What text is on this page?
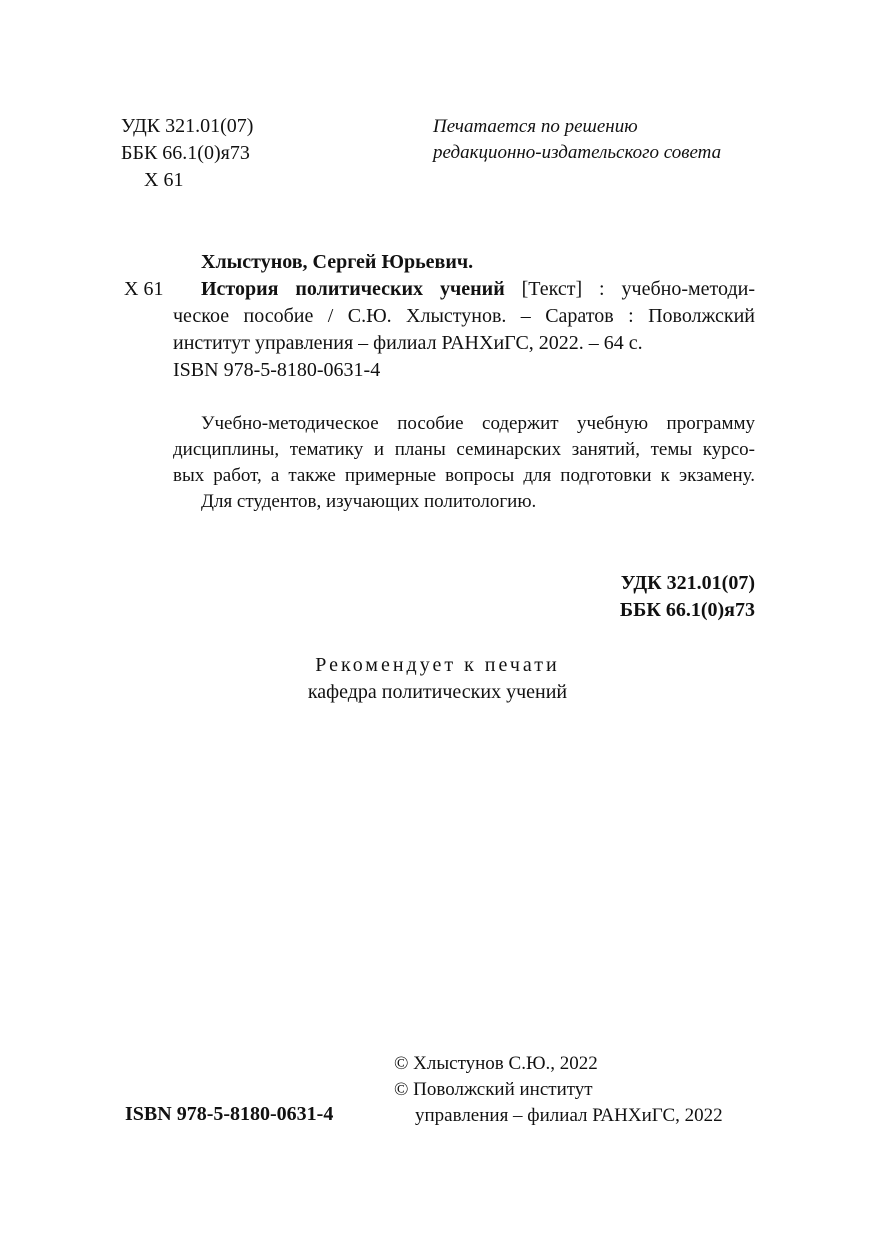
УДК 321.01(07)
ББК 66.1(0)я73
Х 61
Печатается по решению
редакционно-издательского совета
Хлыстунов, Сергей Юрьевич.
Х 61 История политических учений [Текст] : учебно-методи-
ческое пособие / С.Ю. Хлыстунов. – Саратов : Поволжский
институт управления – филиал РАНХиГС, 2022. – 64 с.
ISBN 978-5-8180-0631-4
Учебно-методическое пособие содержит учебную программу
дисциплины, тематику и планы семинарских занятий, темы курсо-
вых работ, а также примерные вопросы для подготовки к экзамену.
Для студентов, изучающих политологию.
УДК 321.01(07)
ББК 66.1(0)я73
Рекомендует к печати
кафедра политических учений
ISBN 978-5-8180-0631-4
© Хлыстунов С.Ю., 2022
© Поволжский институт
управления – филиал РАНХиГС, 2022
